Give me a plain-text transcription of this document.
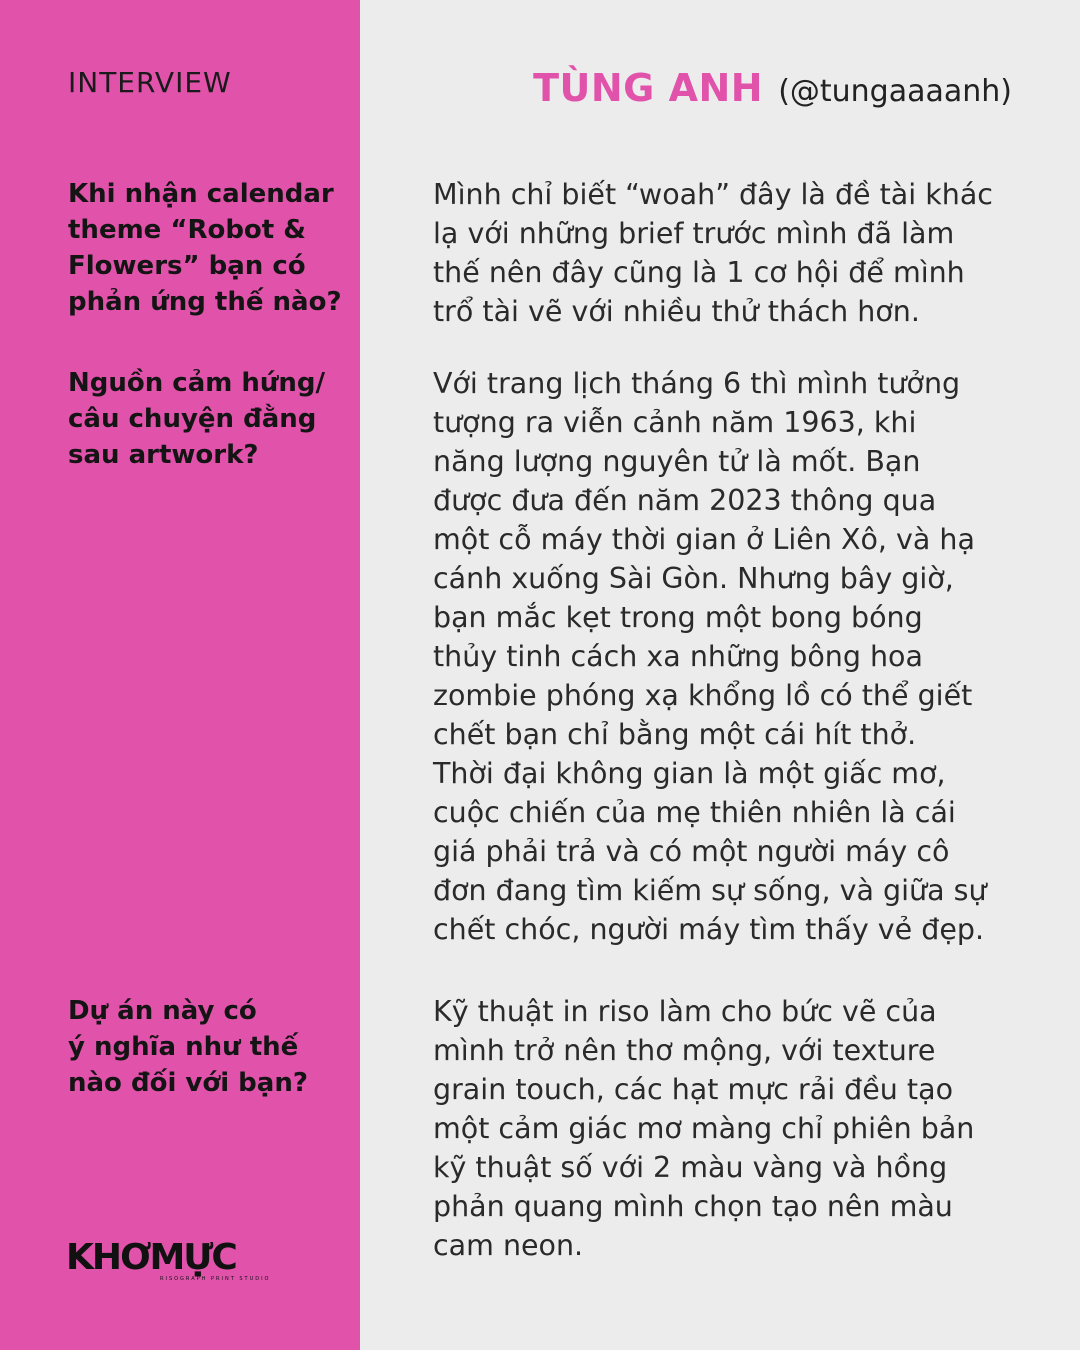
INTERVIEW

Khi nhận calendar
theme “Robot &
Flowers” bạn có
phản ứng thế nào?

Nguồn cảm hứng/
câu chuyện đằng
sau artwork?

Dự án này có
ý nghĩa như thế
nào đối với bạn?

KHƠMỰC
RISOGRAPH PRINT STUDIO

TÙNG ANH (@tungaaaanh)

Mình chỉ biết “woah” đây là đề tài khác
lạ với những brief trước mình đã làm
thế nên đây cũng là 1 cơ hội để mình
trổ tài vẽ với nhiều thử thách hơn.

Với trang lịch tháng 6 thì mình tưởng
tượng ra viễn cảnh năm 1963, khi
năng lượng nguyên tử là mốt. Bạn
được đưa đến năm 2023 thông qua
một cỗ máy thời gian ở Liên Xô, và hạ
cánh xuống Sài Gòn. Nhưng bây giờ,
bạn mắc kẹt trong một bong bóng
thủy tinh cách xa những bông hoa
zombie phóng xạ khổng lồ có thể giết
chết bạn chỉ bằng một cái hít thở.
Thời đại không gian là một giấc mơ,
cuộc chiến của mẹ thiên nhiên là cái
giá phải trả và có một người máy cô
đơn đang tìm kiếm sự sống, và giữa sự
chết chóc, người máy tìm thấy vẻ đẹp.

Kỹ thuật in riso làm cho bức vẽ của
mình trở nên thơ mộng, với texture
grain touch, các hạt mực rải đều tạo
một cảm giác mơ màng chỉ phiên bản
kỹ thuật số với 2 màu vàng và hồng
phản quang mình chọn tạo nên màu
cam neon.
